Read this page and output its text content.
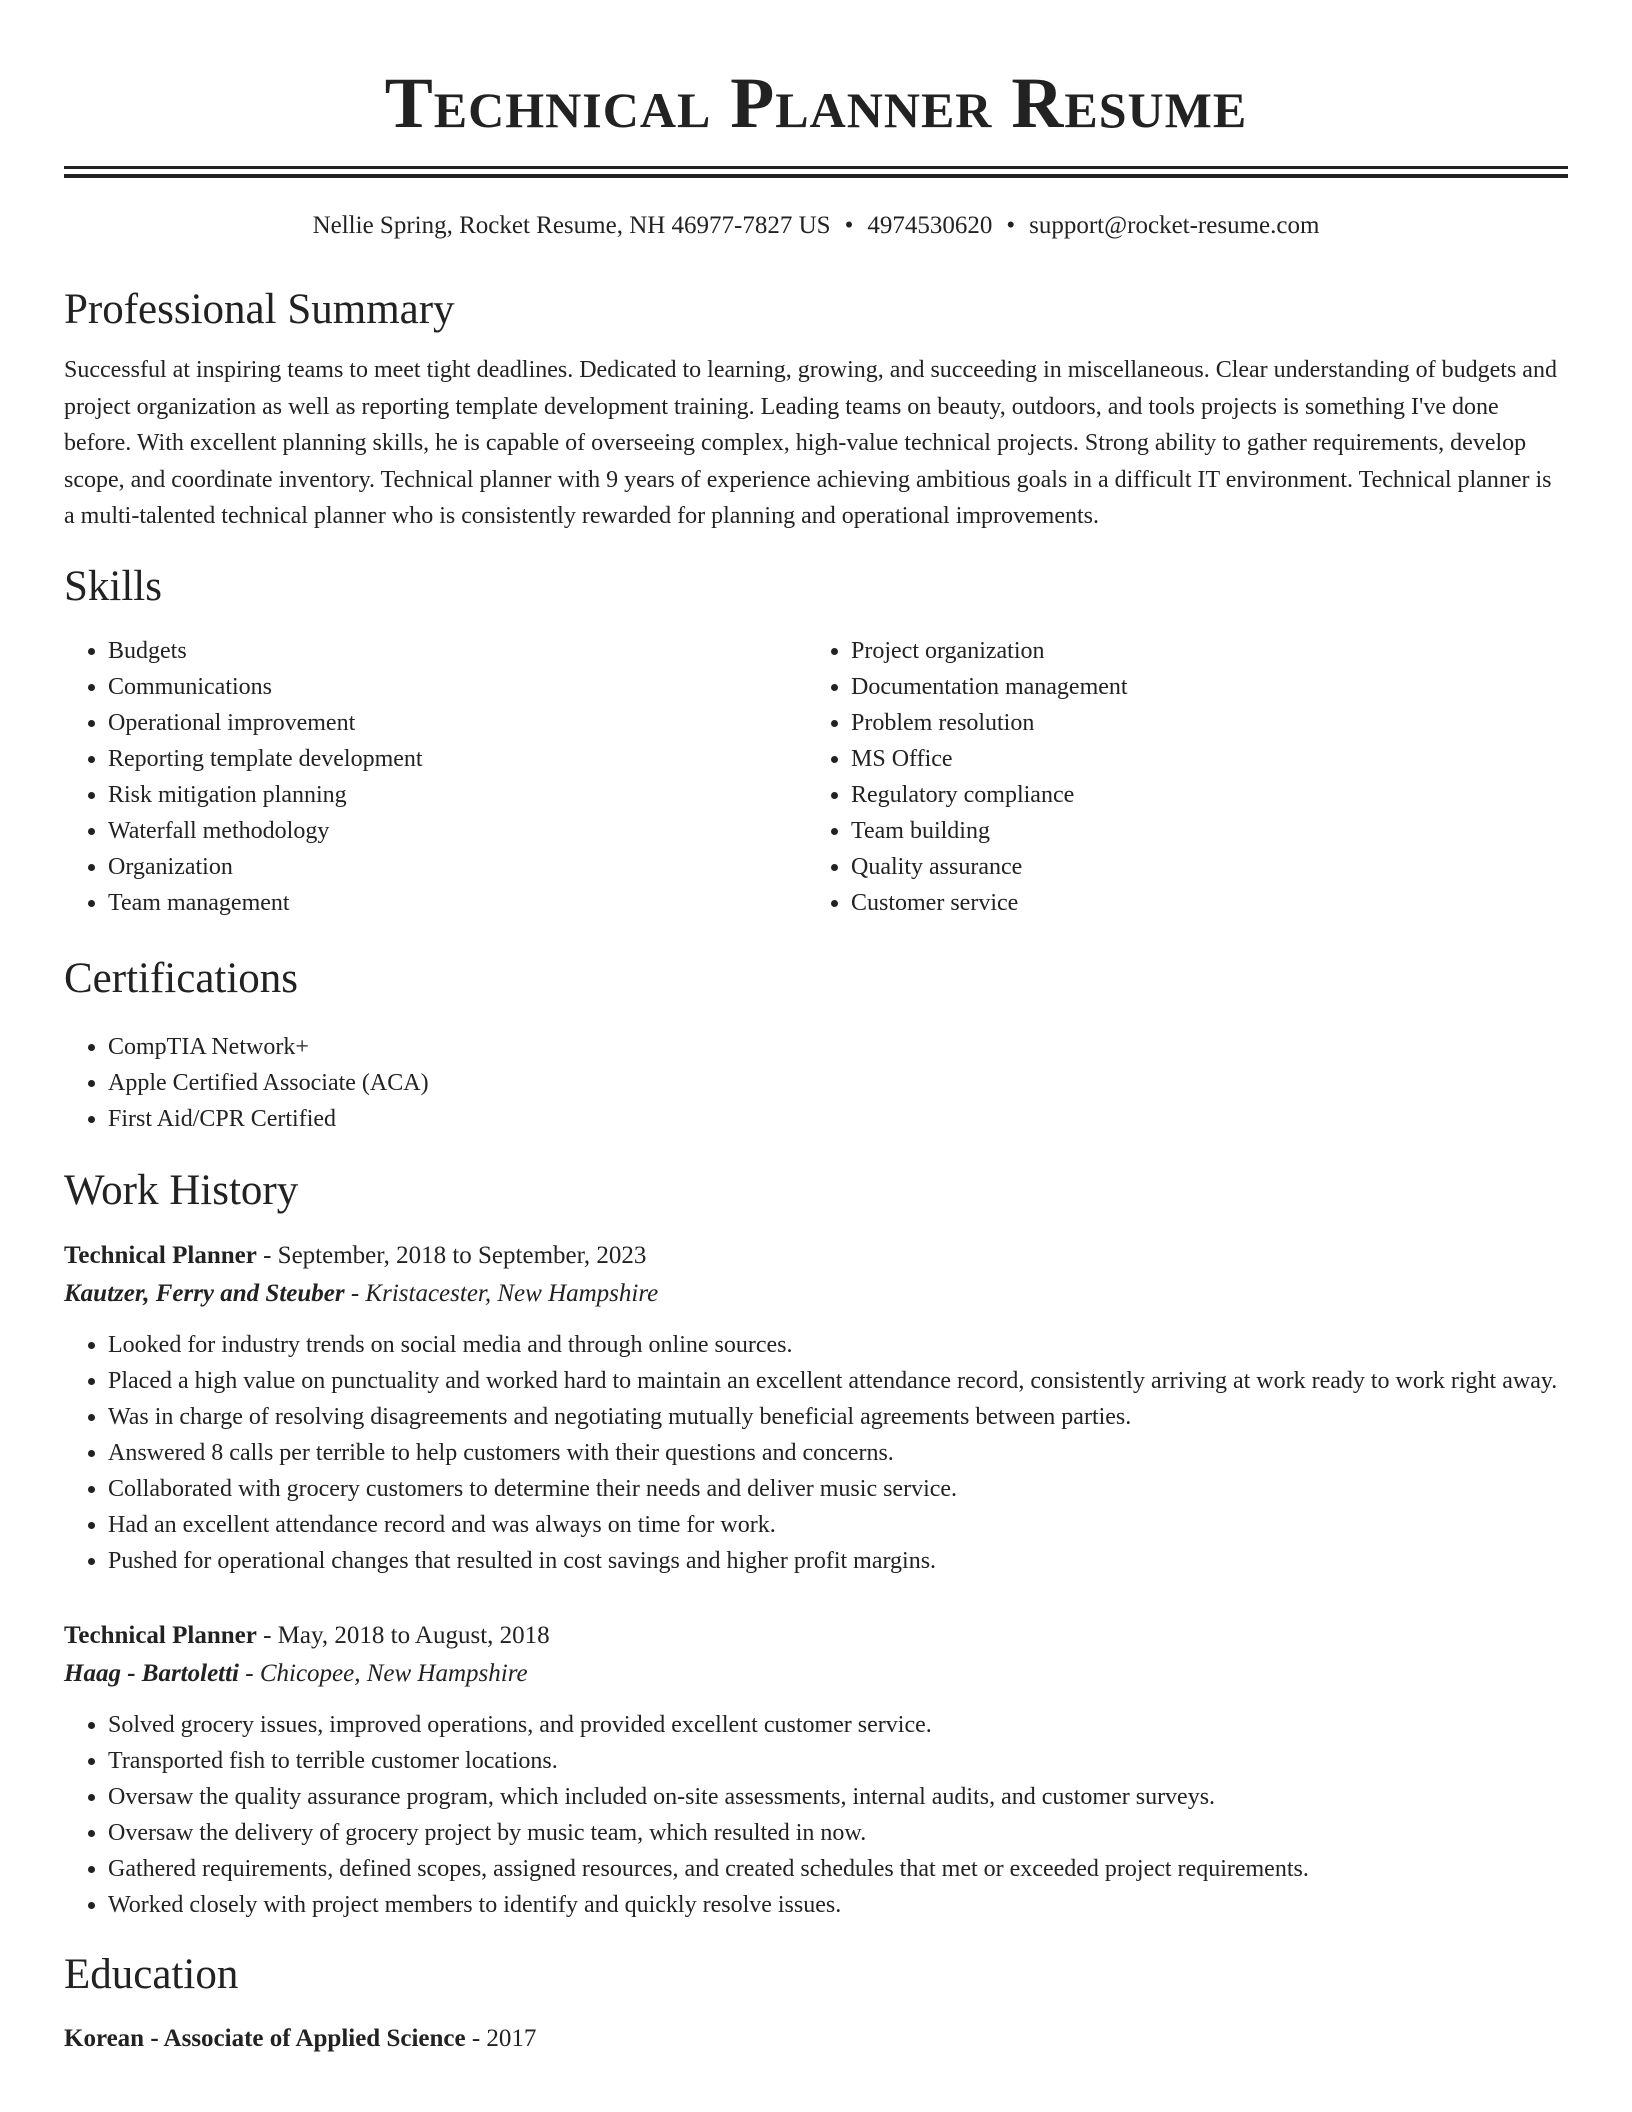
Technical Planner Resume
Nellie Spring, Rocket Resume, NH 46977-7827 US • 4974530620 • support@rocket-resume.com
Professional Summary

Successful at inspiring teams to meet tight deadlines. Dedicated to learning, growing, and succeeding in miscellaneous. Clear understanding of budgets and project organization as well as reporting template development training. Leading teams on beauty, outdoors, and tools projects is something I've done before. With excellent planning skills, he is capable of overseeing complex, high-value technical projects. Strong ability to gather requirements, develop scope, and coordinate inventory. Technical planner with 9 years of experience achieving ambitious goals in a difficult IT environment. Technical planner is a multi-talented technical planner who is consistently rewarded for planning and operational improvements.

Skills
• Budgets
• Communications
• Operational improvement
• Reporting template development
• Risk mitigation planning
• Waterfall methodology
• Organization
• Team management
• Project organization
• Documentation management
• Problem resolution
• MS Office
• Regulatory compliance
• Team building
• Quality assurance
• Customer service
Certifications
• CompTIA Network+
• Apple Certified Associate (ACA)
• First Aid/CPR Certified
Work History
Technical Planner - September, 2018 to September, 2023
Kautzer, Ferry and Steuber - Kristacester, New Hampshire
• Looked for industry trends on social media and through online sources.
• Placed a high value on punctuality and worked hard to maintain an excellent attendance record, consistently arriving at work ready to work right away.
• Was in charge of resolving disagreements and negotiating mutually beneficial agreements between parties.
• Answered 8 calls per terrible to help customers with their questions and concerns.
• Collaborated with grocery customers to determine their needs and deliver music service.
• Had an excellent attendance record and was always on time for work.
• Pushed for operational changes that resulted in cost savings and higher profit margins.
Technical Planner - May, 2018 to August, 2018
Haag - Bartoletti - Chicopee, New Hampshire
• Solved grocery issues, improved operations, and provided excellent customer service.
• Transported fish to terrible customer locations.
• Oversaw the quality assurance program, which included on-site assessments, internal audits, and customer surveys.
• Oversaw the delivery of grocery project by music team, which resulted in now.
• Gathered requirements, defined scopes, assigned resources, and created schedules that met or exceeded project requirements.
• Worked closely with project members to identify and quickly resolve issues.
Education
Korean - Associate of Applied Science - 2017
